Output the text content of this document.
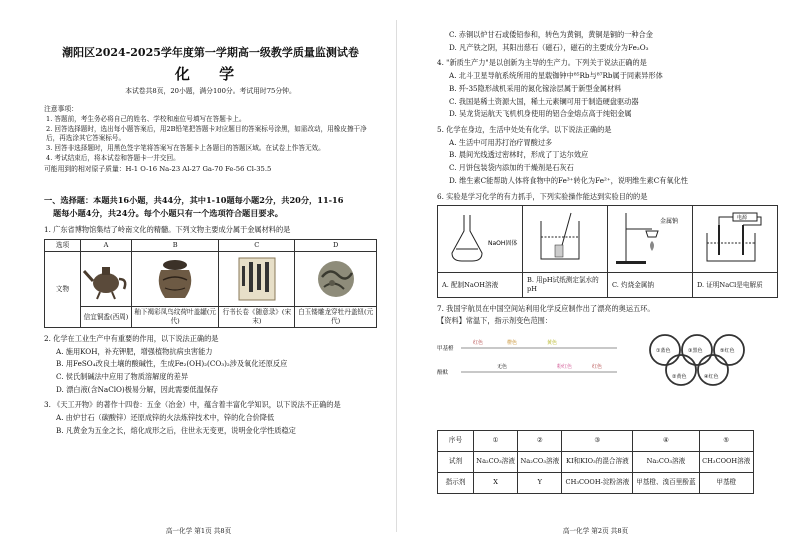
潮阳区2024-2025学年度第一学期高一级教学质量监测试卷
化 学
本试卷共8页，20小题，满分100分。考试用时75分钟。
注意事项：

1. 答题前，考生务必将自己的姓名、学校和座位号填写在答题卡上。

2. 回答选择题时，选出每小题答案后，用2B铅笔把答题卡对应题目的答案标号涂黑，如需改动，用橡皮擦干净后，再选涂其它答案标号。

3. 回答非选择题时，用黑色签字笔将答案写在答题卡上各题目的答题区域。在试卷上作答无效。

4. 考试结束后，将本试卷和答题卡一并交回。

可能用到的相对原子质量：H-1 O-16 Na-23 Al-27 Ga-70 Fe-56 Cl-35.5
一、选择题：本题共16小题，共44分，其中1-10题每小题2分，共20分，11-16
题每小题4分，共24分。每个小题只有一个选项符合题目要求。
1. 广东省博物馆集结了岭南文化的精髓。下列文物主要成分属于金属材料的是
选项	A	B	C	D
文物	

	信宜铜盉(西周)	釉下褐彩凤鸟纹荷叶盖罐(元代)	行书长卷《随意录》(宋末)	白玉镂雕龙穿牡丹盖钮(元代)
2. 化学在工业生产中有重要的作用，以下说法正确的是
A. 施用KOH，补充钾肥，增强植物抗病虫害能力
B. 用FeSO₄改良土壤的酸碱性，生成Fe₂(OH)₂(CO₃)₂涉及氧化还原反应
C. 侯氏制碱法中应用了物质溶解度的差异
D. 漂白液(含NaClO)极易分解，因此需要低温保存
3. 《天工开物》的著作十四卷：五金（冶金）中，蕴含着丰富化学知识，以下说法不正确的是
A. 由炉甘石（碳酸锌）还原成锌的火法炼锌技术中，锌的化合价降低
B. 凡黄金为五金之长，熔化成形之后，住世永无变更，说明金化学性质稳定
高一化学 第1页 共8页
C. 赤铜以炉甘石或倭铅参和，转色为黄铜，黄铜是铜的一种合金
D. 凡产铁之阴，其阳出慈石（磁石），磁石的主要成分为Fe₂O₃
4. "新质生产力"是以创新为主导的生产力。下列关于说法正确的是
A. 北斗卫星导航系统所用的星载铷钟中⁸⁵Rb与⁸⁷Rb属于同素异形体
B. 歼-35隐形战机采用的氮化镓涂层属于新型金属材料
C. 我国是稀土资源大国，稀土元素镧可用于制造硬盘驱动器
D. 吴龙货运航天飞机机身使用的铝合金熔点高于纯铝金属
5. 化学在身边，生活中处处有化学。以下说法正确的是
A. 生活中可用苏打治疗胃酸过多
B. 晨间光线透过密林时，形成了丁达尔效应
C. 月饼包装袋内添加的干燥剂是石灰石
D. 维生素C能帮助人体将食物中的Fe³⁺转化为Fe²⁺，说明维生素C有氧化性
6. 实验是学习化学的有力抓手，下列实验操作能达到实验目的的是
NaOH固体		金属钠	电源

A. 配制NaOH溶液	B. 用pH试纸测定氯水的pH	C. 灼烧金属钠	D. 证明NaCl是电解质
7. 我国宇航员在中国空间站利用化学反应制作出了漂亮的奥运五环。
【资料】常温下，指示剂变色范围：
甲基橙
红色	橙色	黄色
酚酞
无色	粉红色	红色
①蓝色	③黑色	⑤红色
②黄色	④红色
序号	①	②	③	④	⑤
试剂	Na₂CO₃溶液	Na₂CO₃溶液	KI和KIO₃的混合溶液	Na₂CO₃溶液	CH₃COOH溶液
指示剂	X	Y	CH₃COOH-淀粉溶液	甲基橙、溴百里酚蓝	甲基橙
高一化学 第2页 共8页
